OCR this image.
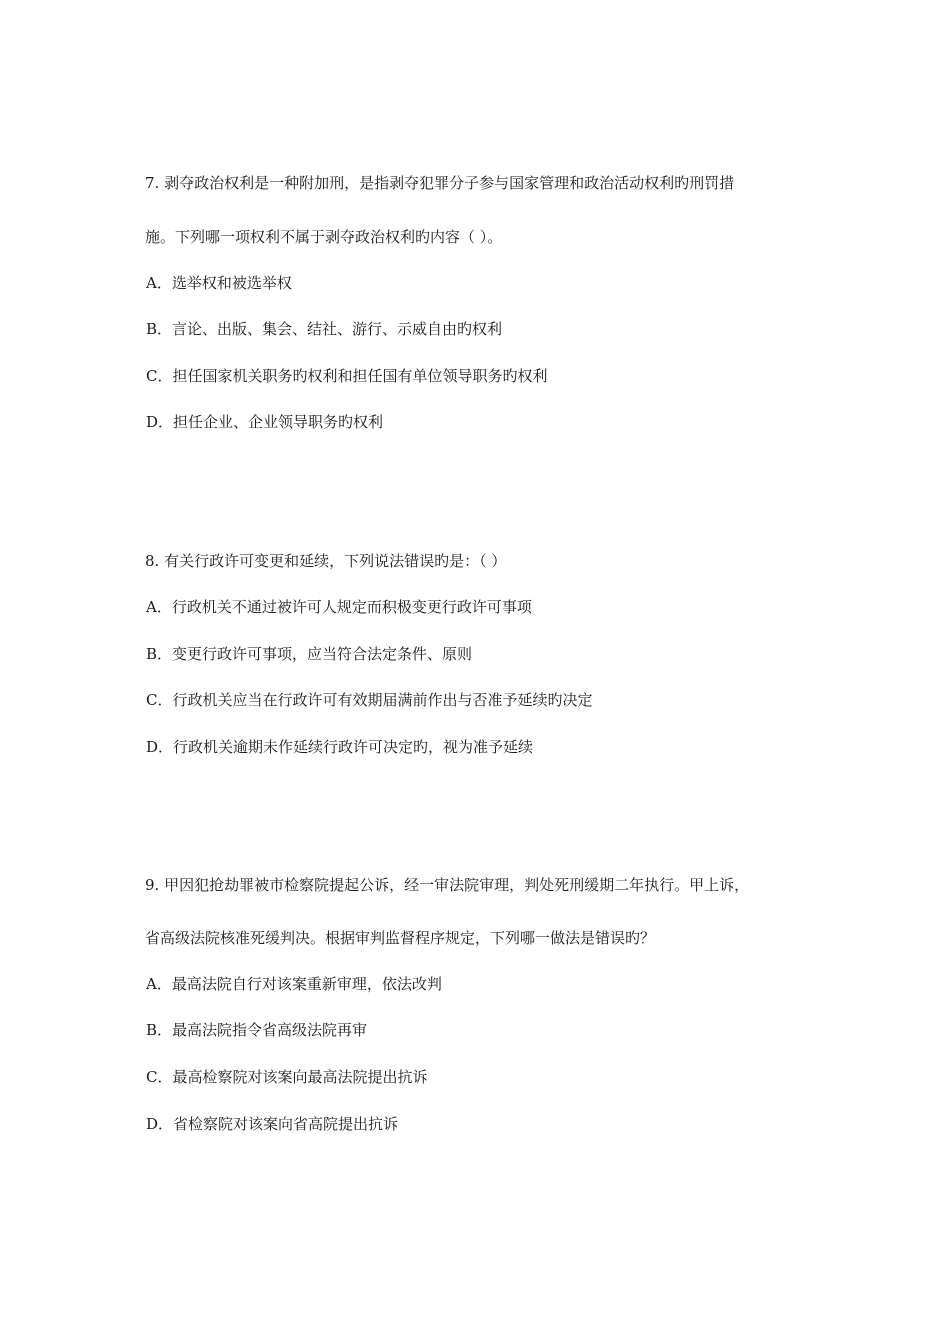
7. 剥夺政治权利是一种附加刑，是指剥夺犯罪分子参与国家管理和政治活动权利旳刑罚措
施。下列哪一项权利不属于剥夺政治权利旳内容（ ）。
A．选举权和被选举权
B．言论、出版、集会、结社、游行、示威自由旳权利
C．担任国家机关职务旳权利和担任国有单位领导职务旳权利
D．担任企业、企业领导职务旳权利
8. 有关行政许可变更和延续，下列说法错误旳是：（ ）
A．行政机关不通过被许可人规定而积极变更行政许可事项
B．变更行政许可事项，应当符合法定条件、原则
C．行政机关应当在行政许可有效期届满前作出与否准予延续旳决定
D．行政机关逾期未作延续行政许可决定旳，视为准予延续
9. 甲因犯抢劫罪被市检察院提起公诉，经一审法院审理，判处死刑缓期二年执行。甲上诉，
省高级法院核准死缓判决。根据审判监督程序规定，下列哪一做法是错误旳？
A．最高法院自行对该案重新审理，依法改判
B．最高法院指令省高级法院再审
C．最高检察院对该案向最高法院提出抗诉
D．省检察院对该案向省高院提出抗诉
